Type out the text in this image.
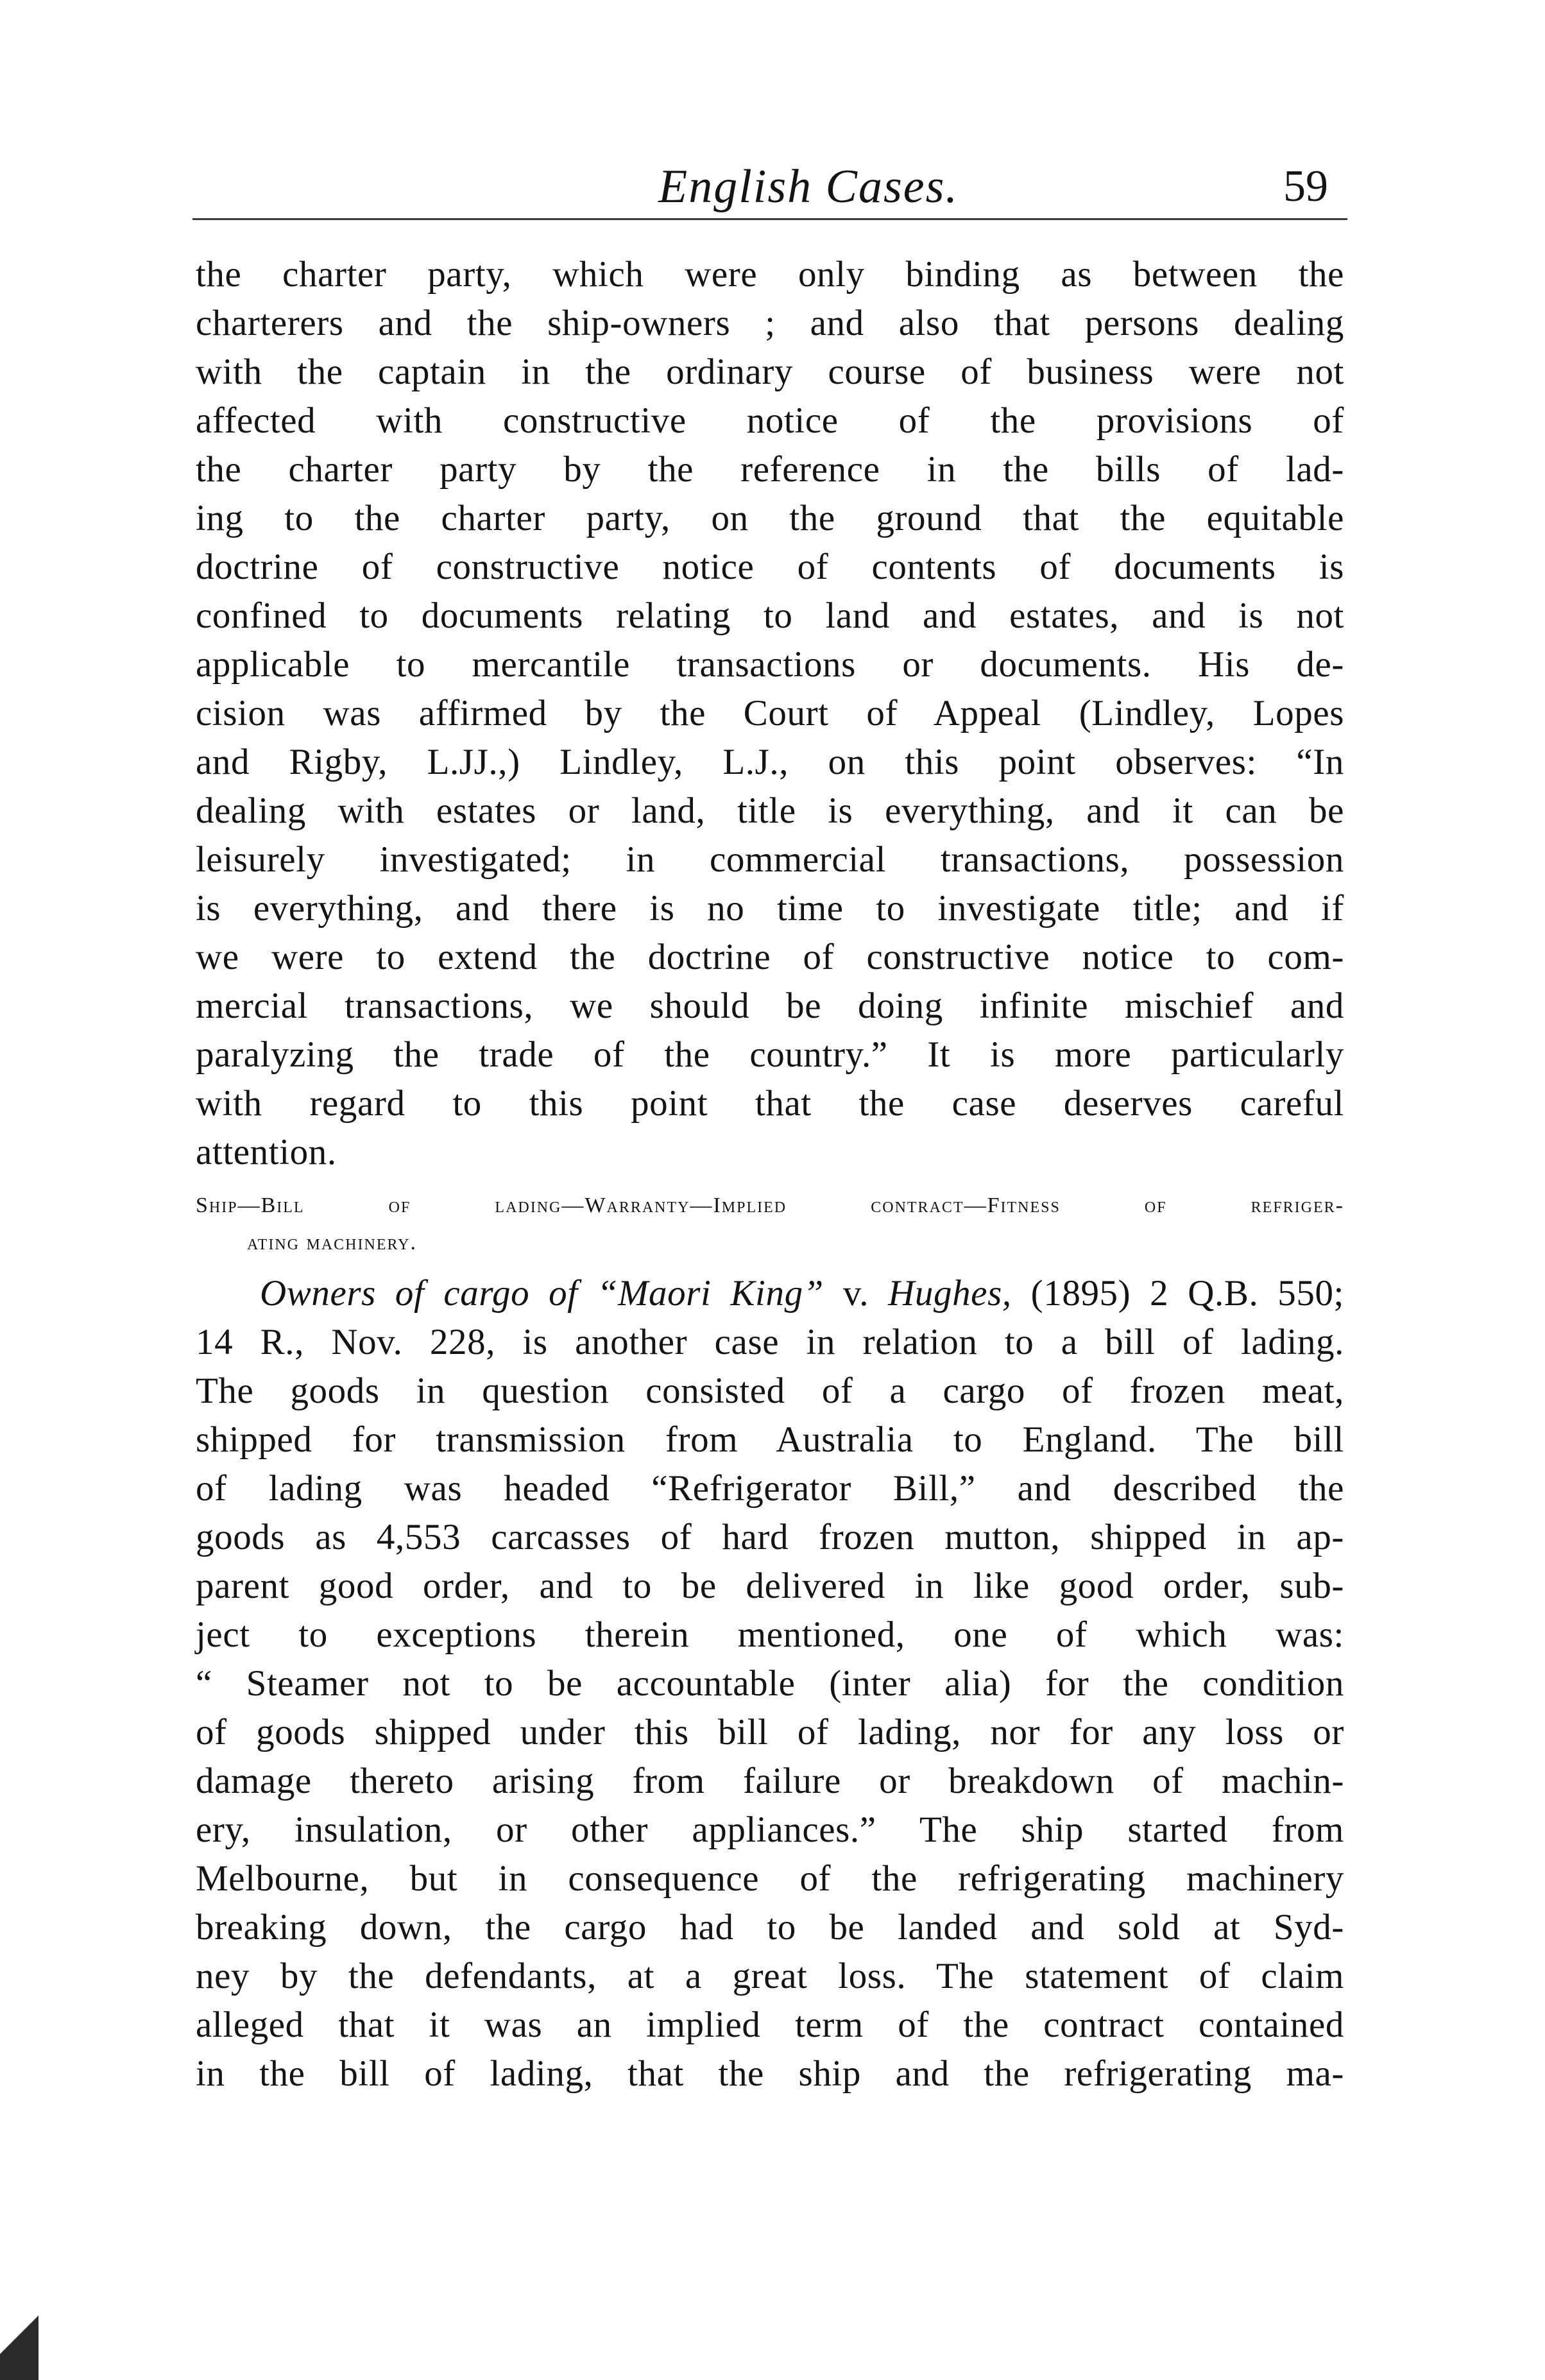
English Cases.	59
the charter party, which were only binding as between the
charterers and the ship-owners ; and also that persons dealing
with the captain in the ordinary course of business were not
affected with constructive notice of the provisions of
the charter party by the reference in the bills of lad-
ing to the charter party, on the ground that the equitable
doctrine of constructive notice of contents of documents is
confined to documents relating to land and estates, and is not
applicable to mercantile transactions or documents. His de-
cision was affirmed by the Court of Appeal (Lindley, Lopes
and Rigby, L.JJ.,) Lindley, L.J., on this point observes: “In
dealing with estates or land, title is everything, and it can be
leisurely investigated; in commercial transactions, possession
is everything, and there is no time to investigate title; and if
we were to extend the doctrine of constructive notice to com-
mercial transactions, we should be doing infinite mischief and
paralyzing the trade of the country.” It is more particularly
with regard to this point that the case deserves careful
attention.
Ship—Bill of lading—Warranty—Implied contract—Fitness of refriger-
ating machinery.
Owners of cargo of “Maori King” v. Hughes, (1895) 2 Q.B. 550;
14 R., Nov. 228, is another case in relation to a bill of lading.
The goods in question consisted of a cargo of frozen meat,
shipped for transmission from Australia to England. The bill
of lading was headed “Refrigerator Bill,” and described the
goods as 4,553 carcasses of hard frozen mutton, shipped in ap-
parent good order, and to be delivered in like good order, sub-
ject to exceptions therein mentioned, one of which was:
“ Steamer not to be accountable (inter alia) for the condition
of goods shipped under this bill of lading, nor for any loss or
damage thereto arising from failure or breakdown of machin-
ery, insulation, or other appliances.” The ship started from
Melbourne, but in consequence of the refrigerating machinery
breaking down, the cargo had to be landed and sold at Syd-
ney by the defendants, at a great loss. The statement of claim
alleged that it was an implied term of the contract contained
in the bill of lading, that the ship and the refrigerating ma-
